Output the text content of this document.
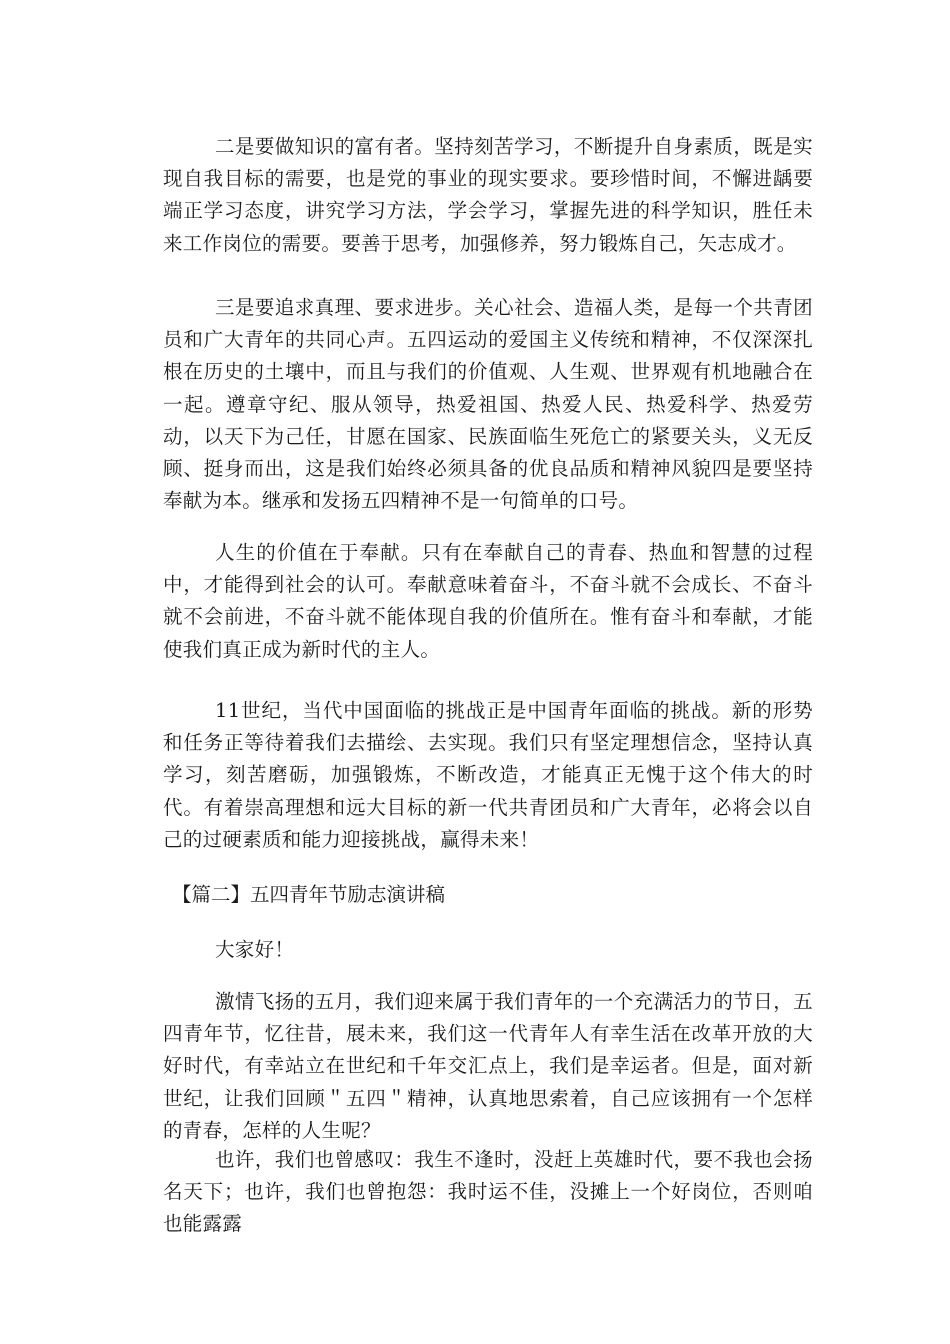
二是要做知识的富有者。坚持刻苦学习，不断提升自身素质，既是实现自我目标的需要，也是党的事业的现实要求。要珍惜时间，不懈进龋要端正学习态度，讲究学习方法，学会学习，掌握先进的科学知识，胜任未来工作岗位的需要。要善于思考，加强修养，努力锻炼自己，矢志成才。

三是要追求真理、要求进步。关心社会、造福人类，是每一个共青团员和广大青年的共同心声。五四运动的爱国主义传统和精神，不仅深深扎根在历史的土壤中，而且与我们的价值观、人生观、世界观有机地融合在一起。遵章守纪、服从领导，热爱祖国、热爱人民、热爱科学、热爱劳动，以天下为己任，甘愿在国家、民族面临生死危亡的紧要关头，义无反顾、挺身而出，这是我们始终必须具备的优良品质和精神风貌四是要坚持奉献为本。继承和发扬五四精神不是一句简单的口号。

人生的价值在于奉献。只有在奉献自己的青春、热血和智慧的过程中，才能得到社会的认可。奉献意味着奋斗，不奋斗就不会成长、不奋斗就不会前进，不奋斗就不能体现自我的价值所在。惟有奋斗和奉献，才能使我们真正成为新时代的主人。

11世纪，当代中国面临的挑战正是中国青年面临的挑战。新的形势和任务正等待着我们去描绘、去实现。我们只有坚定理想信念，坚持认真学习，刻苦磨砺，加强锻炼，不断改造，才能真正无愧于这个伟大的时代。有着崇高理想和远大目标的新一代共青团员和广大青年，必将会以自己的过硬素质和能力迎接挑战，赢得未来！

【篇二】五四青年节励志演讲稿

大家好！

激情飞扬的五月，我们迎来属于我们青年的一个充满活力的节日，五四青年节，忆往昔，展未来，我们这一代青年人有幸生活在改革开放的大好时代，有幸站立在世纪和千年交汇点上，我们是幸运者。但是，面对新世纪，让我们回顾＂五四＂精神，认真地思索着，自己应该拥有一个怎样的青春，怎样的人生呢？

也许，我们也曾感叹：我生不逢时，没赶上英雄时代，要不我也会扬名天下；也许，我们也曾抱怨：我时运不佳，没摊上一个好岗位，否则咱也能露露
